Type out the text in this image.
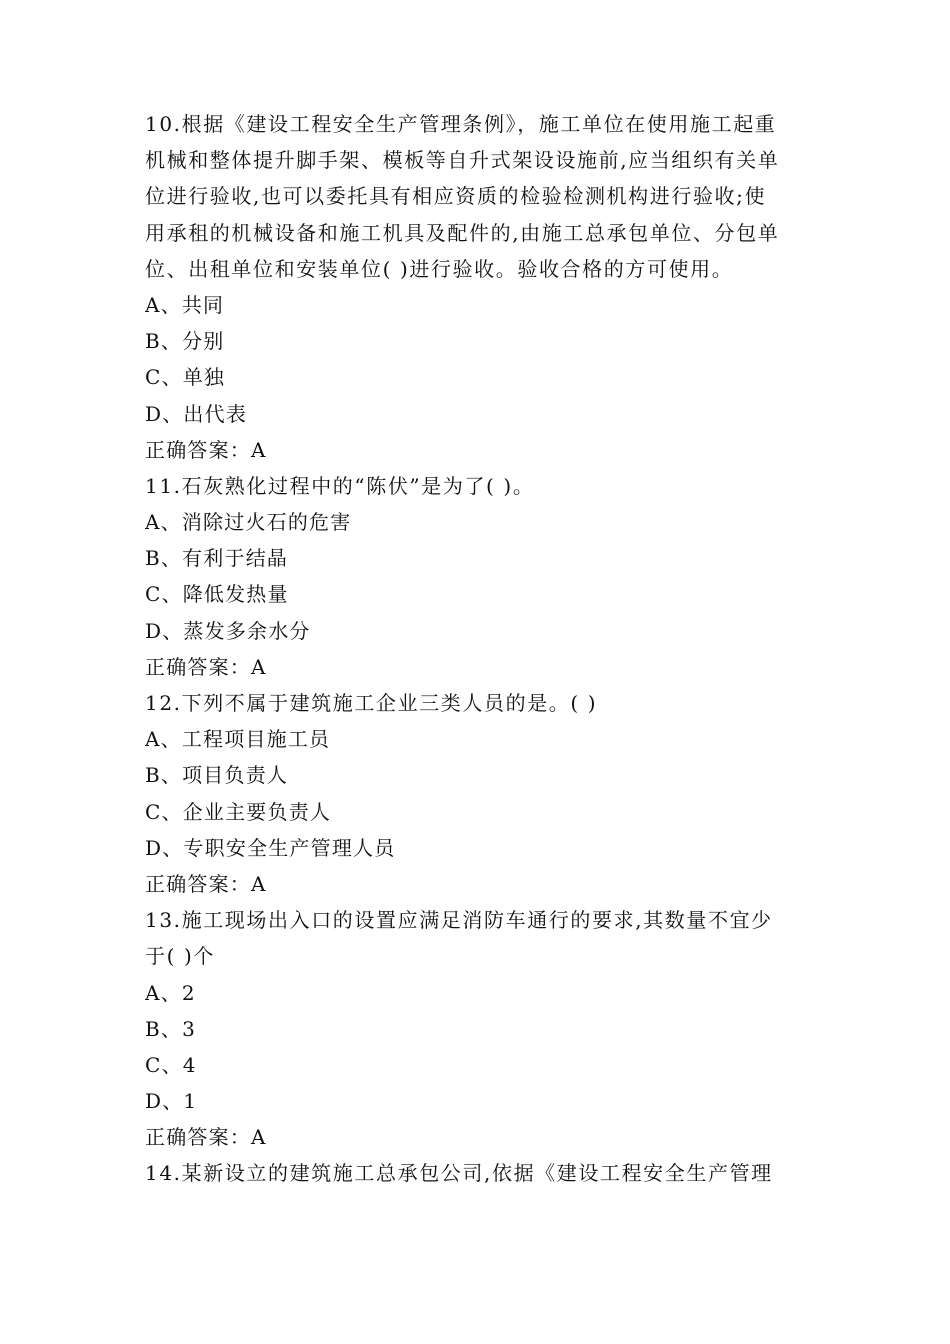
10.根据《建设工程安全生产管理条例》，施工单位在使用施工起重
机械和整体提升脚手架、模板等自升式架设设施前,应当组织有关单
位进行验收,也可以委托具有相应资质的检验检测机构进行验收;使
用承租的机械设备和施工机具及配件的,由施工总承包单位、分包单
位、出租单位和安装单位( )进行验收。验收合格的方可使用。
A、共同
B、分别
C、单独
D、出代表
正确答案：A
11.石灰熟化过程中的“陈伏”是为了( )。
A、消除过火石的危害
B、有利于结晶
C、降低发热量
D、蒸发多余水分
正确答案：A
12.下列不属于建筑施工企业三类人员的是。( )
A、工程项目施工员
B、项目负责人
C、企业主要负责人
D、专职安全生产管理人员
正确答案：A
13.施工现场出入口的设置应满足消防车通行的要求,其数量不宜少
于( )个
A、2
B、3
C、4
D、1
正确答案：A
14.某新设立的建筑施工总承包公司,依据《建设工程安全生产管理
